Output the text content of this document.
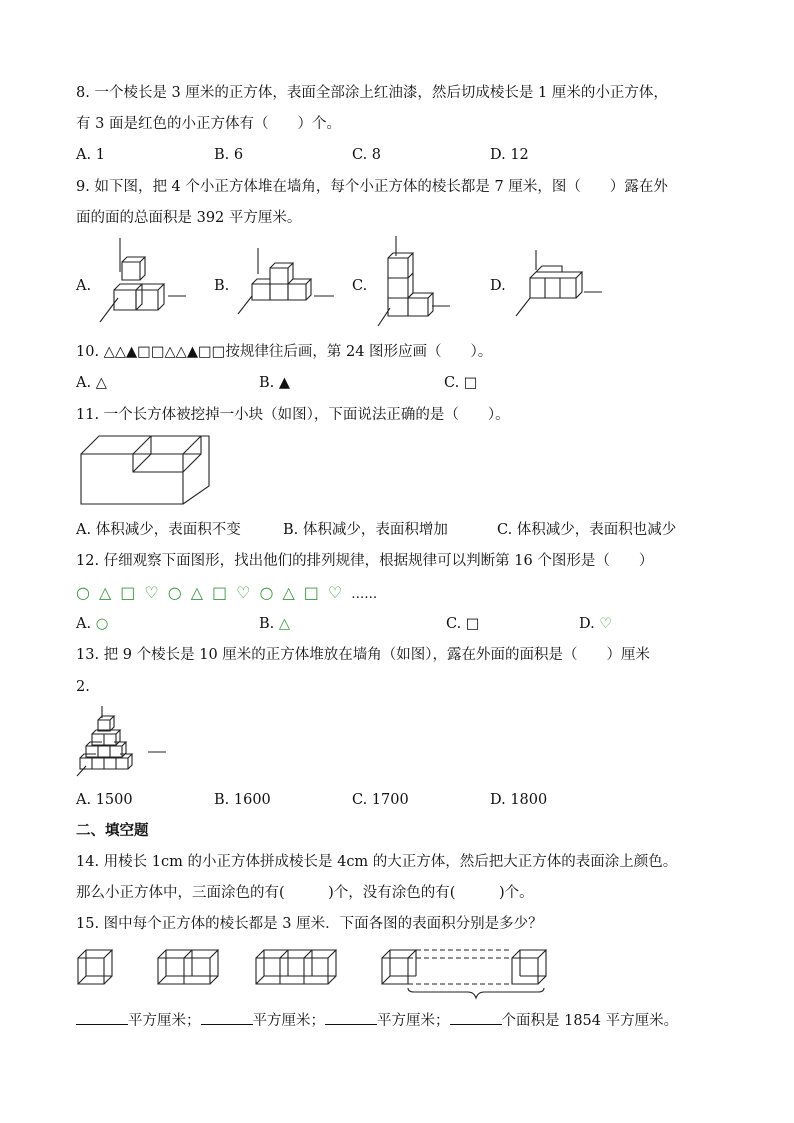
8. 一个棱长是 3 厘米的正方体，表面全部涂上红油漆，然后切成棱长是 1 厘米的小正方体，
有 3 面是红色的小正方体有（　　）个。
A. 1	B. 6	C. 8	D. 12
9. 如下图，把 4 个小正方体堆在墙角，每个小正方体的棱长都是 7 厘米，图（　　）露在外
面的面的总面积是 392 平方厘米。
A.	B.	C.	D.
10. △△▲□□△△▲□□按规律往后画，第 24 图形应画（　　）。
A. △	B. ▲	C. □
11. 一个长方体被挖掉一小块（如图），下面说法正确的是（　　）。
A. 体积减少，表面积不变	B. 体积减少，表面积增加	C. 体积减少，表面积也减少
12. 仔细观察下面图形，找出他们的排列规律，根据规律可以判断第 16 个图形是（　　）
○ △ □ ♡ ○ △ □ ♡ ○ △ □ ♡ ……
A. ○	B. △	C. □	D. ♡
13. 把 9 个棱长是 10 厘米的正方体堆放在墙角（如图），露在外面的面积是（　　）厘米
2.
A. 1500	B. 1600	C. 1700	D. 1800
二、填空题
14. 用棱长 1cm 的小正方体拼成棱长是 4cm 的大正方体，然后把大正方体的表面涂上颜色。
那么小正方体中，三面涂色的有(　　　)个，没有涂色的有(　　　)个。
15. 图中每个正方体的棱长都是 3 厘米．下面各图的表面积分别是多少？
平方厘米；	平方厘米；	平方厘米；	个面积是 1854 平方厘米。
